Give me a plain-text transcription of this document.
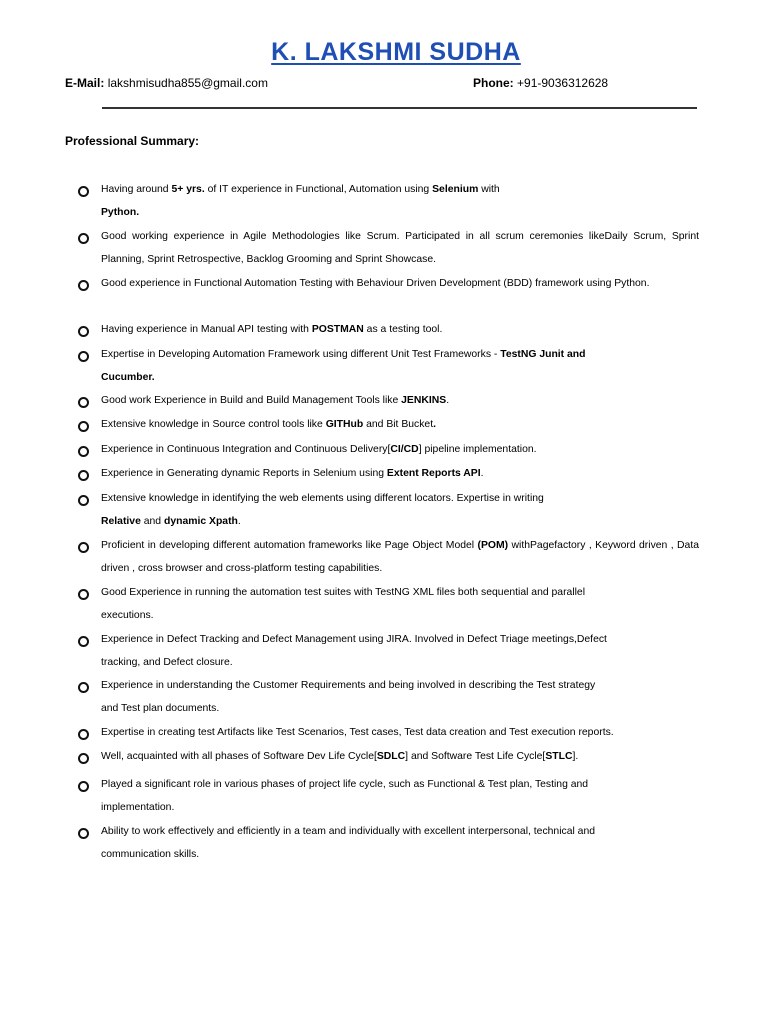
K. LAKSHMI SUDHA
E-Mail: lakshmisudha855@gmail.com	Phone: +91-9036312628
Professional Summary:
Having around 5+ yrs. of IT experience in Functional, Automation using Selenium with
Python.
Good working experience in Agile Methodologies like Scrum. Participated in all scrum ceremonies likeDaily Scrum, Sprint Planning, Sprint Retrospective, Backlog Grooming and Sprint Showcase.
Good experience in Functional Automation Testing with Behaviour Driven Development (BDD) framework using Python.
Having experience in Manual API testing with POSTMAN as a testing tool.
Expertise in Developing Automation Framework using different Unit Test Frameworks - TestNG Junit and
Cucumber.
Good work Experience in Build and Build Management Tools like JENKINS.
Extensive knowledge in Source control tools like GITHub and Bit Bucket.
Experience in Continuous Integration and Continuous Delivery[CI/CD] pipeline implementation.
Experience in Generating dynamic Reports in Selenium using Extent Reports API.
Extensive knowledge in identifying the web elements using different locators. Expertise in writing
Relative and dynamic Xpath.
Proficient in developing different automation frameworks like Page Object Model (POM) withPagefactory , Keyword driven , Data driven , cross browser and cross-platform testing capabilities.
Good Experience in running the automation test suites with TestNG XML files both sequential and parallel
executions.
Experience in Defect Tracking and Defect Management using JIRA. Involved in Defect Triage meetings,Defect
tracking, and Defect closure.
Experience in understanding the Customer Requirements and being involved in describing the Test strategy
and Test plan documents.
Expertise in creating test Artifacts like Test Scenarios, Test cases, Test data creation and Test execution reports.
Well, acquainted with all phases of Software Dev Life Cycle[SDLC] and Software Test Life Cycle[STLC].
Played a significant role in various phases of project life cycle, such as Functional & Test plan, Testing and
implementation.
Ability to work effectively and efficiently in a team and individually with excellent interpersonal, technical and
communication skills.
